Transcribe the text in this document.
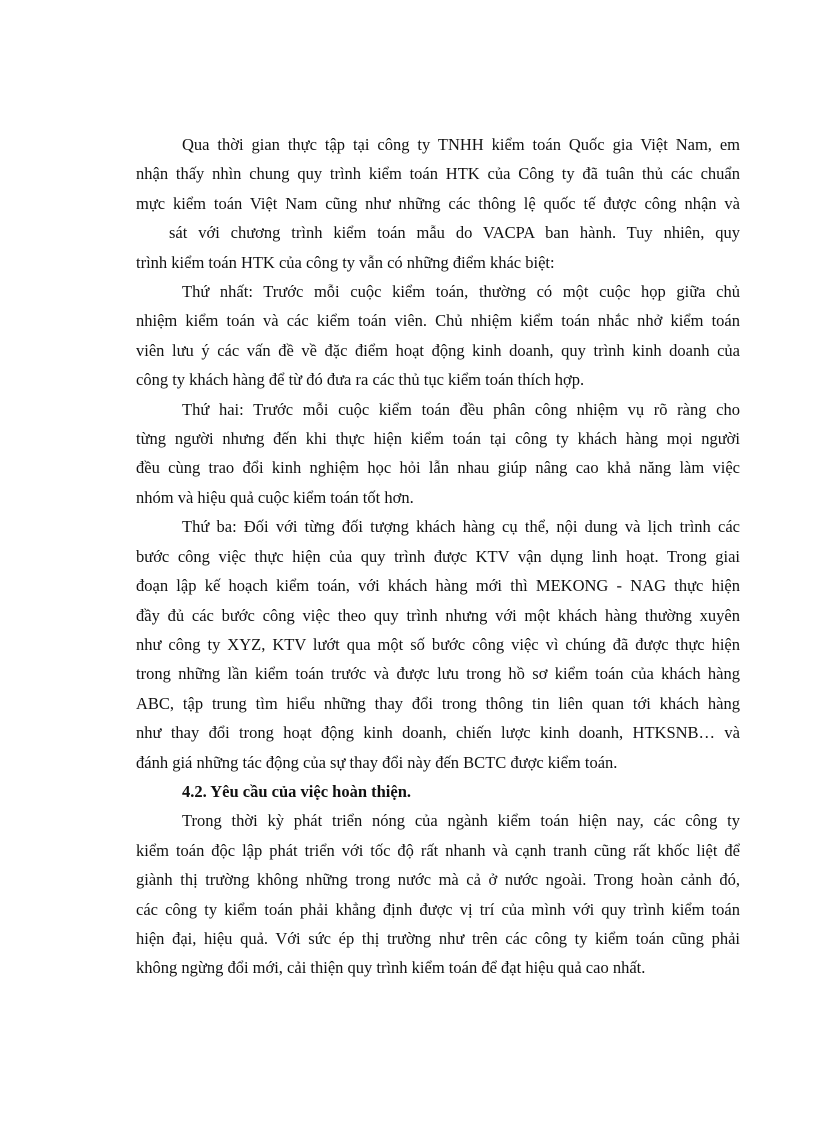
Qua thời gian thực tập tại công ty TNHH kiểm toán Quốc gia Việt Nam, em
nhận thấy nhìn chung quy trình kiểm toán HTK của Công ty đã tuân thủ các chuẩn
mực kiểm toán Việt Nam cũng như những các thông lệ quốc tế được công nhận và
sát với chương trình kiểm toán mẫu do VACPA ban hành. Tuy nhiên, quy
trình kiểm toán HTK của công ty vẫn có những điểm khác biệt:
Thứ nhất: Trước mỗi cuộc kiểm toán, thường có một cuộc họp giữa chủ
nhiệm kiểm toán và các kiểm toán viên. Chủ nhiệm kiểm toán nhắc nhở kiểm toán
viên lưu ý các vấn đề về đặc điểm hoạt động kinh doanh, quy trình kinh doanh của
công ty khách hàng để từ đó đưa ra các thủ tục kiểm toán thích hợp.
Thứ hai: Trước mỗi cuộc kiểm toán đều phân công nhiệm vụ rõ ràng cho
từng người nhưng đến khi thực hiện kiểm toán tại công ty khách hàng mọi người
đều cùng trao đổi kinh nghiệm học hỏi lẫn nhau giúp nâng cao khả năng làm việc
nhóm và hiệu quả cuộc kiểm toán tốt hơn.
Thứ ba: Đối với từng đối tượng khách hàng cụ thể, nội dung và lịch trình các
bước công việc thực hiện của quy trình được KTV vận dụng linh hoạt. Trong giai
đoạn lập kế hoạch kiểm toán, với khách hàng mới thì MEKONG - NAG thực hiện
đầy đủ các bước công việc theo quy trình nhưng với một khách hàng thường xuyên
như công ty XYZ, KTV lướt qua một số bước công việc vì chúng đã được thực hiện
trong những lần kiểm toán trước và được lưu trong hồ sơ kiểm toán của khách hàng
ABC, tập trung tìm hiểu những thay đổi trong thông tin liên quan tới khách hàng
như thay đổi trong hoạt động kinh doanh, chiến lược kinh doanh, HTKSNB… và
đánh giá những tác động của sự thay đổi này đến BCTC được kiểm toán.
4.2. Yêu cầu của việc hoàn thiện.
Trong thời kỳ phát triển nóng của ngành kiểm toán hiện nay, các công ty
kiểm toán độc lập phát triển với tốc độ rất nhanh và cạnh tranh cũng rất khốc liệt để
giành thị trường không những trong nước mà cả ở nước ngoài. Trong hoàn cảnh đó,
các công ty kiểm toán phải khẳng định được vị trí của mình với quy trình kiểm toán
hiện đại, hiệu quả. Với sức ép thị trường như trên các công ty kiểm toán cũng phải
không ngừng đổi mới, cải thiện quy trình kiểm toán để đạt hiệu quả cao nhất.
